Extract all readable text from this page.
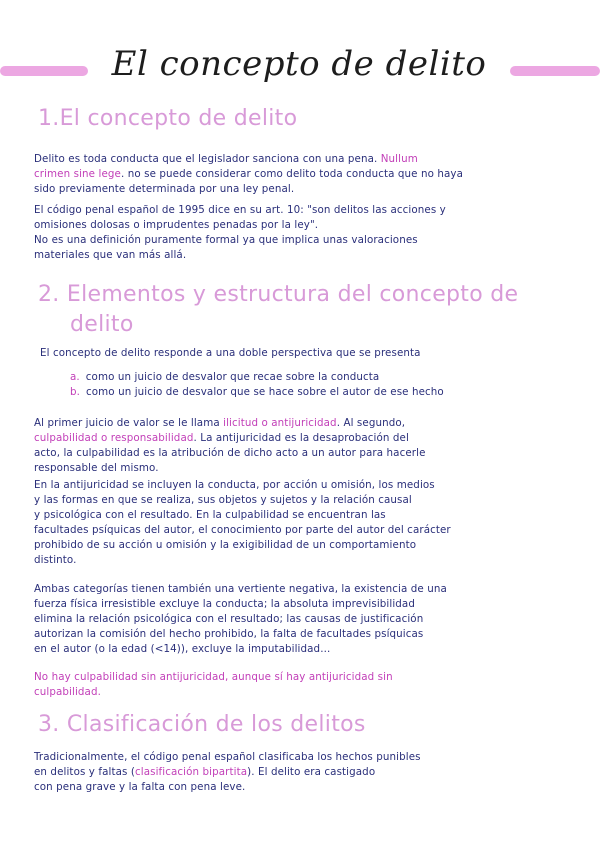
El concepto de delito
1.El concepto de delito
Delito es toda conducta que el legislador sanciona con una pena. Nullum
crimen sine lege. no se puede considerar como delito toda conducta que no haya
sido previamente determinada por una ley penal.
El código penal español de 1995 dice en su art. 10: "son delitos las acciones y
omisiones dolosas o imprudentes penadas por la ley".
No es una definición puramente formal ya que implica unas valoraciones
materiales que van más allá.
2. Elementos y estructura del concepto de
delito
El concepto de delito responde a una doble perspectiva que se presenta
a. como un juicio de desvalor que recae sobre la conducta
b. como un juicio de desvalor que se hace sobre el autor de ese hecho
Al primer juicio de valor se le llama ilicitud o antijuricidad. Al segundo,
culpabilidad o responsabilidad. La antijuricidad es la desaprobación del
acto, la culpabilidad es la atribución de dicho acto a un autor para hacerle
responsable del mismo.
En la antijuricidad se incluyen la conducta, por acción u omisión, los medios
y las formas en que se realiza, sus objetos y sujetos y la relación causal
y psicológica con el resultado. En la culpabilidad se encuentran las
facultades psíquicas del autor, el conocimiento por parte del autor del carácter
prohibido de su acción u omisión y la exigibilidad de un comportamiento
distinto.
Ambas categorías tienen también una vertiente negativa, la existencia de una
fuerza física irresistible excluye la conducta; la absoluta imprevisibilidad
elimina la relación psicológica con el resultado; las causas de justificación
autorizan la comisión del hecho prohibido, la falta de facultades psíquicas
en el autor (o la edad (<14)), excluye la imputabilidad...
No hay culpabilidad sin antijuricidad, aunque sí hay antijuricidad sin
culpabilidad.
3. Clasificación de los delitos
Tradicionalmente, el código penal español clasificaba los hechos punibles
en delitos y faltas (clasificación bipartita). El delito era castigado
con pena grave y la falta con pena leve.
